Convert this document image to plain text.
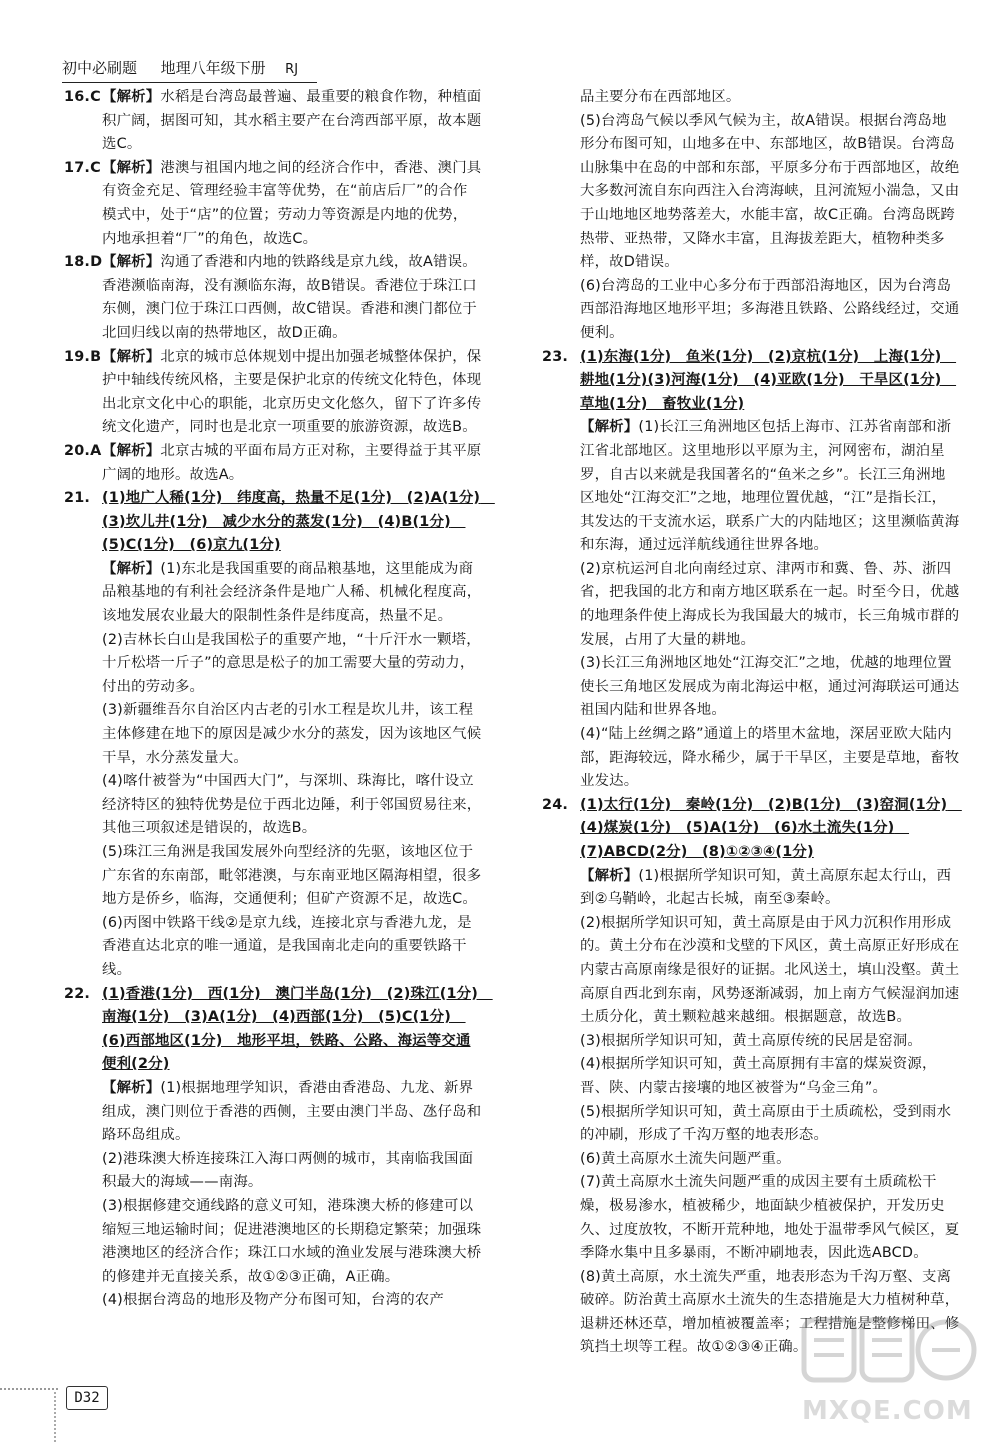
初中必刷题 地理八年级下册 RJ
16.C 【解析】水稻是台湾岛最普遍、最重要的粮食作物，种植面积广阔，据图可知，其水稻主要产在台湾西部平原，故本题选C。
17.C 【解析】港澳与祖国内地之间的经济合作中，香港、澳门具有资金充足、管理经验丰富等优势，在“前店后厂”的合作模式中，处于“店”的位置；劳动力等资源是内地的优势，内地承担着“厂”的角色，故选C。
18.D 【解析】沟通了香港和内地的铁路线是京九线，故A错误。香港濒临南海，没有濒临东海，故B错误。香港位于珠江口东侧，澳门位于珠江口西侧，故C错误。香港和澳门都位于北回归线以南的热带地区，故D正确。
19.B 【解析】北京的城市总体规划中提出加强老城整体保护，保护中轴线传统风格，主要是保护北京的传统文化特色，体现出北京文化中心的职能，北京历史文化悠久，留下了许多传统文化遗产，同时也是北京一项重要的旅游资源，故选B。
20.A 【解析】北京古城的平面布局方正对称，主要得益于其平原广阔的地形。故选A。
21. (1)地广人稀(1分)　纬度高，热量不足(1分)　(2)A(1分)　(3)坎儿井(1分)　减少水分的蒸发(1分)　(4)B(1分)　(5)C(1分)　(6)京九(1分)
【解析】(1)东北是我国重要的商品粮基地，这里能成为商品粮基地的有利社会经济条件是地广人稀、机械化程度高，该地发展农业最大的限制性条件是纬度高，热量不足。
(2)吉林长白山是我国松子的重要产地，“十斤汗水一颗塔，十斤松塔一斤子”的意思是松子的加工需要大量的劳动力，付出的劳动多。
(3)新疆维吾尔自治区内古老的引水工程是坎儿井，该工程主体修建在地下的原因是减少水分的蒸发，因为该地区气候干旱，水分蒸发量大。
(4)喀什被誉为“中国西大门”，与深圳、珠海比，喀什设立经济特区的独特优势是位于西北边陲，利于邻国贸易往来，其他三项叙述是错误的，故选B。
(5)珠江三角洲是我国发展外向型经济的先驱，该地区位于广东省的东南部，毗邻港澳，与东南亚地区隔海相望，很多地方是侨乡，临海，交通便利；但矿产资源不足，故选C。
(6)丙图中铁路干线②是京九线，连接北京与香港九龙，是香港直达北京的唯一通道，是我国南北走向的重要铁路干线。
22. (1)香港(1分)　西(1分)　澳门半岛(1分)　(2)珠江(1分)　南海(1分)　(3)A(1分)　(4)西部(1分)　(5)C(1分)　(6)西部地区(1分)　地形平坦，铁路、公路、海运等交通便利(2分)
【解析】(1)根据地理学知识，香港由香港岛、九龙、新界组成，澳门则位于香港的西侧，主要由澳门半岛、氹仔岛和路环岛组成。
(2)港珠澳大桥连接珠江入海口两侧的城市，其南临我国面积最大的海域——南海。
(3)根据修建交通线路的意义可知，港珠澳大桥的修建可以缩短三地运输时间；促进港澳地区的长期稳定繁荣；加强珠港澳地区的经济合作；珠江口水域的渔业发展与港珠澳大桥的修建并无直接关系，故①②③正确，A正确。
(4)根据台湾岛的地形及物产分布图可知，台湾的农产
品主要分布在西部地区。
(5)台湾岛气候以季风气候为主，故A错误。根据台湾岛地形分布图可知，山地多在中、东部地区，故B错误。台湾岛山脉集中在岛的中部和东部，平原多分布于西部地区，故绝大多数河流自东向西注入台湾海峡，且河流短小湍急，又由于山地地区地势落差大，水能丰富，故C正确。台湾岛既跨热带、亚热带，又降水丰富，且海拔差距大，植物种类多样，故D错误。
(6)台湾岛的工业中心多分布于西部沿海地区，因为台湾岛西部沿海地区地形平坦；多海港且铁路、公路线经过，交通便利。
23. (1)东海(1分)　鱼米(1分)　(2)京杭(1分)　上海(1分)　耕地(1分)(3)河海(1分)　(4)亚欧(1分)　干旱区(1分)　草地(1分)　畜牧业(1分)
【解析】(1)长江三角洲地区包括上海市、江苏省南部和浙江省北部地区。这里地形以平原为主，河网密布，湖泊星罗，自古以来就是我国著名的“鱼米之乡”。长江三角洲地区地处“江海交汇”之地，地理位置优越，“江”是指长江，其发达的干支流水运，联系广大的内陆地区；这里濒临黄海和东海，通过远洋航线通往世界各地。
(2)京杭运河自北向南经过京、津两市和冀、鲁、苏、浙四省，把我国的北方和南方地区联系在一起。时至今日，优越的地理条件使上海成长为我国最大的城市，长三角城市群的发展，占用了大量的耕地。
(3)长江三角洲地区地处“江海交汇”之地，优越的地理位置使长三角地区发展成为南北海运中枢，通过河海联运可通达祖国内陆和世界各地。
(4)“陆上丝绸之路”通道上的塔里木盆地，深居亚欧大陆内部，距海较远，降水稀少，属于干旱区，主要是草地，畜牧业发达。
24. (1)太行(1分)　秦岭(1分)　(2)B(1分)　(3)窑洞(1分)　(4)煤炭(1分)　(5)A(1分)　(6)水土流失(1分)　(7)ABCD(2分)　(8)①②③④(1分)
【解析】(1)根据所学知识可知，黄土高原东起太行山，西到②乌鞘岭，北起古长城，南至③秦岭。
(2)根据所学知识可知，黄土高原是由于风力沉积作用形成的。黄土分布在沙漠和戈壁的下风区，黄土高原正好形成在内蒙古高原南缘是很好的证据。北风送土，填山没壑。黄土高原自西北到东南，风势逐渐减弱，加上南方气候湿润加速土质分化，黄土颗粒越来越细。根据题意，故选B。
(3)根据所学知识可知，黄土高原传统的民居是窑洞。
(4)根据所学知识可知，黄土高原拥有丰富的煤炭资源，晋、陕、内蒙古接壤的地区被誉为“乌金三角”。
(5)根据所学知识可知，黄土高原由于土质疏松，受到雨水的冲刷，形成了千沟万壑的地表形态。
(6)黄土高原水土流失问题严重。
(7)黄土高原水土流失问题严重的成因主要有土质疏松干燥，极易渗水，植被稀少，地面缺少植被保护，开发历史久、过度放牧，不断开荒种地，地处于温带季风气候区，夏季降水集中且多暴雨，不断冲刷地表，因此选ABCD。
(8)黄土高原，水土流失严重，地表形态为千沟万壑、支离破碎。防治黄土高原水土流失的生态措施是大力植树种草，退耕还林还草，增加植被覆盖率；工程措施是整修梯田、修筑挡土坝等工程。故①②③④正确。
D32	MXQE.COM
